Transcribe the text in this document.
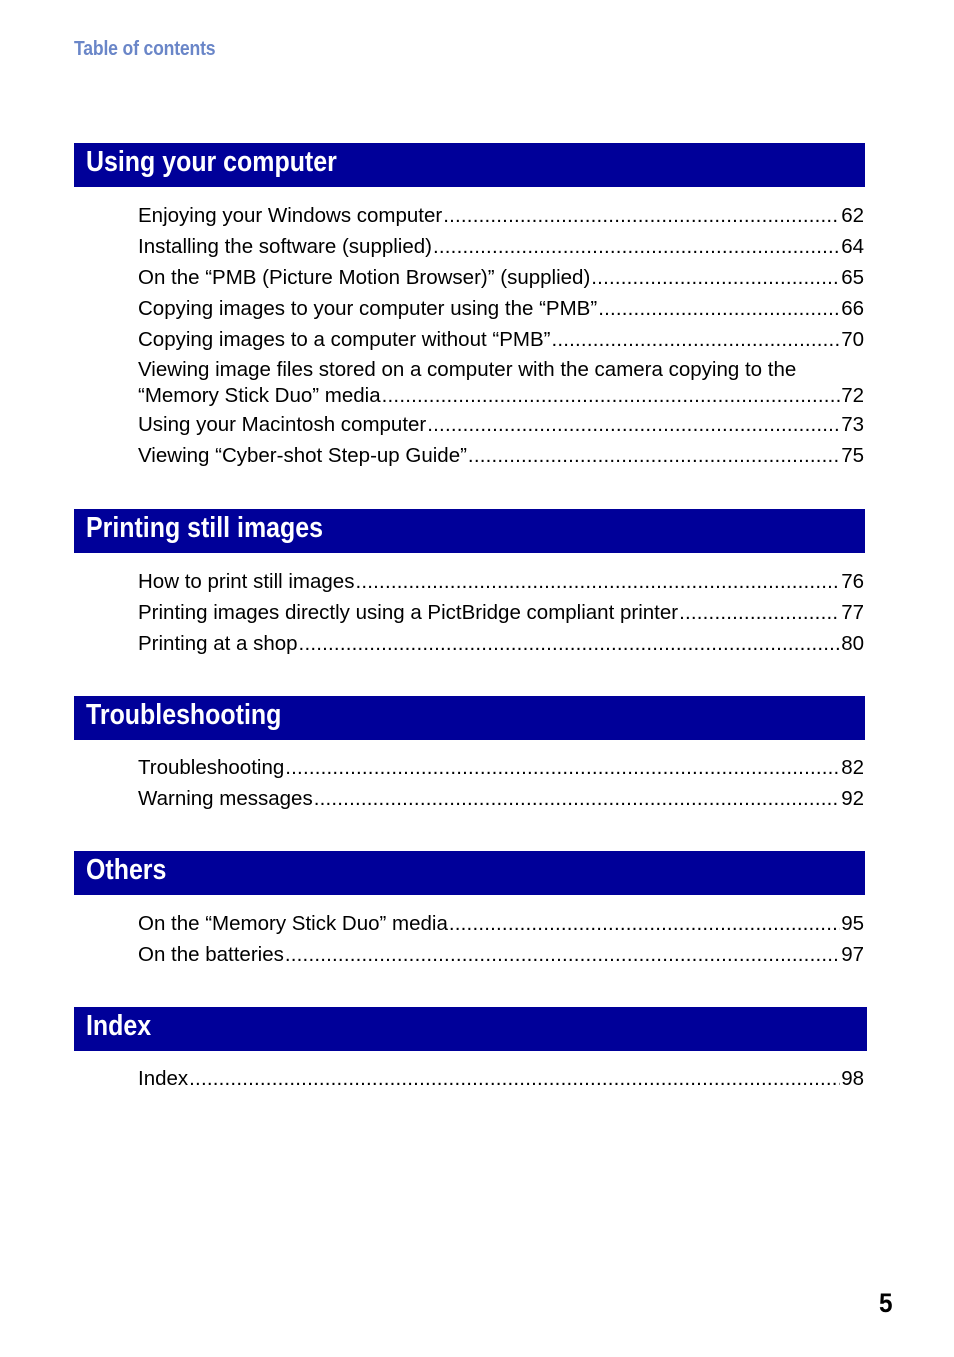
Table of contents
Using your computer
Enjoying your Windows computer .....	62
Installing the software (supplied) .....	64
On the “PMB (Picture Motion Browser)” (supplied) .....	65
Copying images to your computer using the “PMB” .....	66
Copying images to a computer without “PMB” .....	70
Viewing image files stored on a computer with the camera copying to the
“Memory Stick Duo” media .....	72
Using your Macintosh computer .....	73
Viewing “Cyber-shot Step-up Guide” .....	75
Printing still images
How to print still images .....	76
Printing images directly using a PictBridge compliant printer .....	77
Printing at a shop .....	80
Troubleshooting
Troubleshooting .....	82
Warning messages .....	92
Others
On the “Memory Stick Duo” media .....	95
On the batteries .....	97
Index
Index .....	98
5
